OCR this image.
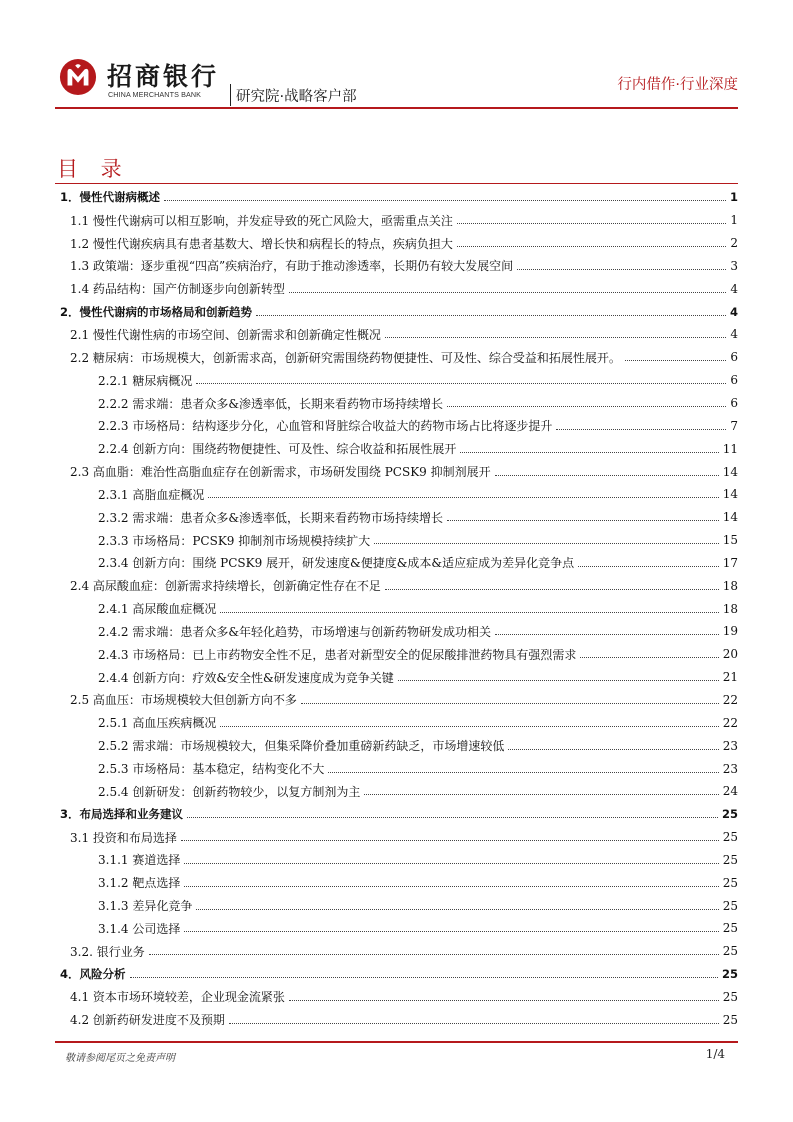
招商银行
CHINA MERCHANTS BANK 研究院·战略客户部
行内借作·行业深度
目 录
1．慢性代谢病概述	1
1.1 慢性代谢病可以相互影响，并发症导致的死亡风险大，亟需重点关注	1
1.2 慢性代谢疾病具有患者基数大、增长快和病程长的特点，疾病负担大	2
1.3 政策端：逐步重视“四高”疾病治疗，有助于推动渗透率，长期仍有较大发展空间	3
1.4 药品结构：国产仿制逐步向创新转型	4
2．慢性代谢病的市场格局和创新趋势	4
2.1 慢性代谢性病的市场空间、创新需求和创新确定性概况	4
2.2 糖尿病：市场规模大，创新需求高，创新研究需围绕药物便捷性、可及性、综合受益和拓展性展开。	6
2.2.1 糖尿病概况	6
2.2.2 需求端：患者众多&渗透率低，长期来看药物市场持续增长	6
2.2.3 市场格局：结构逐步分化，心血管和肾脏综合收益大的药物市场占比将逐步提升	7
2.2.4 创新方向：围绕药物便捷性、可及性、综合收益和拓展性展开	11
2.3 高血脂：难治性高脂血症存在创新需求，市场研发围绕 PCSK9 抑制剂展开	14
2.3.1 高脂血症概况	14
2.3.2 需求端：患者众多&渗透率低，长期来看药物市场持续增长	14
2.3.3 市场格局：PCSK9 抑制剂市场规模持续扩大	15
2.3.4 创新方向：围绕 PCSK9 展开，研发速度&便捷度&成本&适应症成为差异化竞争点	17
2.4 高尿酸血症：创新需求持续增长，创新确定性存在不足	18
2.4.1 高尿酸血症概况	18
2.4.2 需求端：患者众多&年轻化趋势，市场增速与创新药物研发成功相关	19
2.4.3 市场格局：已上市药物安全性不足，患者对新型安全的促尿酸排泄药物具有强烈需求	20
2.4.4 创新方向：疗效&安全性&研发速度成为竞争关键	21
2.5 高血压：市场规模较大但创新方向不多	22
2.5.1 高血压疾病概况	22
2.5.2 需求端：市场规模较大，但集采降价叠加重磅新药缺乏，市场增速较低	23
2.5.3 市场格局：基本稳定，结构变化不大	23
2.5.4 创新研发：创新药物较少，以复方制剂为主	24
3．布局选择和业务建议	25
3.1 投资和布局选择	25
3.1.1 赛道选择	25
3.1.2 靶点选择	25
3.1.3 差异化竞争	25
3.1.4 公司选择	25
3.2. 银行业务	25
4．风险分析	25
4.1 资本市场环境较差，企业现金流紧张	25
4.2 创新药研发进度不及预期	25
敬请参阅尾页之免责声明	1/4
